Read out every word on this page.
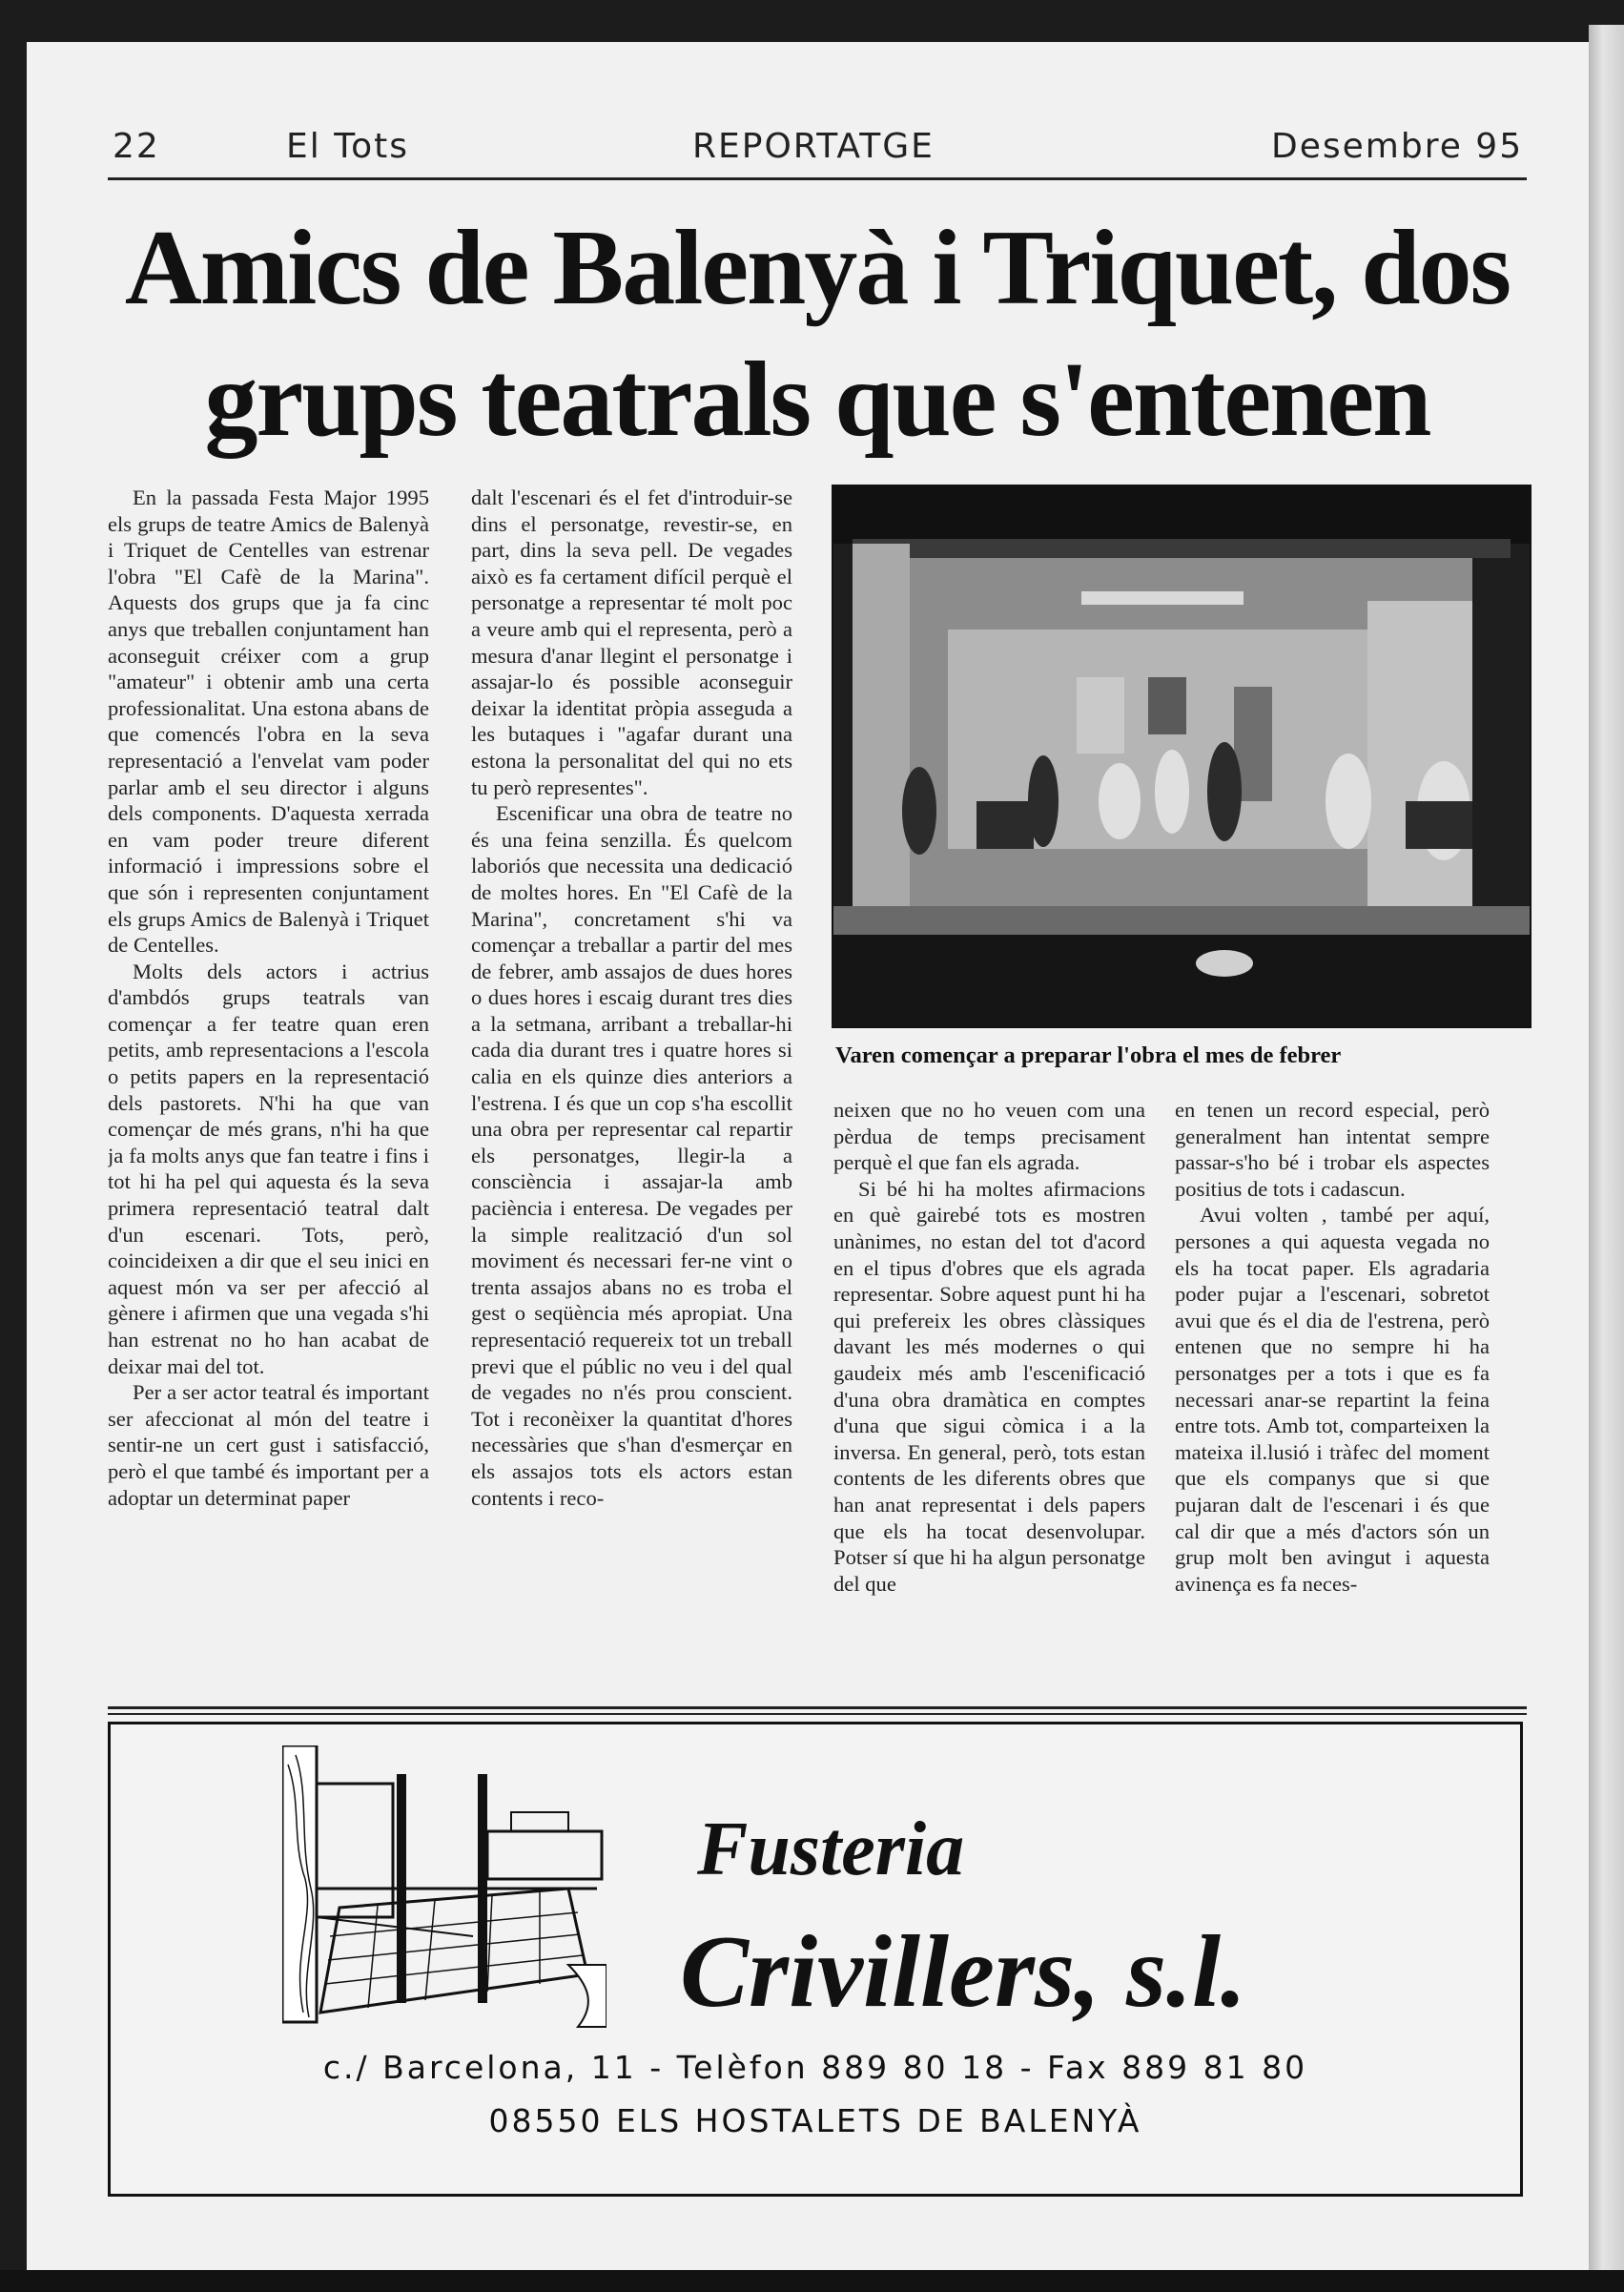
22	El Tots	REPORTATGE	Desembre 95
Amics de Balenyà i Triquet, dos
grups teatrals que s'entenen

En la passada Festa Major 1995 els grups de teatre Amics de Balenyà i Triquet de Centelles van estrenar l'obra "El Cafè de la Marina". Aquests dos grups que ja fa cinc anys que treballen conjuntament han aconseguit créixer com a grup "amateur" i obtenir amb una certa professionalitat. Una estona abans de que comencés l'obra en la seva representació a l'envelat vam poder parlar amb el seu director i alguns dels components. D'aquesta xerrada en vam poder treure diferent informació i impressions sobre el que són i representen conjuntament els grups Amics de Balenyà i Triquet de Centelles.

Molts dels actors i actrius d'ambdós grups teatrals van començar a fer teatre quan eren petits, amb representacions a l'escola o petits papers en la representació dels pastorets. N'hi ha que van començar de més grans, n'hi ha que ja fa molts anys que fan teatre i fins i tot hi ha pel qui aquesta és la seva primera representació teatral dalt d'un escenari. Tots, però, coincideixen a dir que el seu inici en aquest món va ser per afecció al gènere i afirmen que una vegada s'hi han estrenat no ho han acabat de deixar mai del tot.

Per a ser actor teatral és important ser afeccionat al món del teatre i sentir-ne un cert gust i satisfacció, però el que també és important per a adoptar un determinat paper

dalt l'escenari és el fet d'introduir-se dins el personatge, revestir-se, en part, dins la seva pell. De vegades això es fa certament difícil perquè el personatge a representar té molt poc a veure amb qui el representa, però a mesura d'anar llegint el personatge i assajar-lo és possible aconseguir deixar la identitat pròpia asseguda a les butaques i "agafar durant una estona la personalitat del qui no ets tu però representes".

Escenificar una obra de teatre no és una feina senzilla. És quelcom laboriós que necessita una dedicació de moltes hores. En "El Cafè de la Marina", concretament s'hi va començar a treballar a partir del mes de febrer, amb assajos de dues hores o dues hores i escaig durant tres dies a la setmana, arribant a treballar-hi cada dia durant tres i quatre hores si calia en els quinze dies anteriors a l'estrena. I és que un cop s'ha escollit una obra per representar cal repartir els personatges, llegir-la a consciència i assajar-la amb paciència i enteresa. De vegades per la simple realització d'un sol moviment és necessari fer-ne vint o trenta assajos abans no es troba el gest o seqüència més apropiat. Una representació requereix tot un treball previ que el públic no veu i del qual de vegades no n'és prou conscient. Tot i reconèixer la quantitat d'hores necessàries que s'han d'esmerçar en els assajos tots els actors estan contents i reco-

Varen començar a preparar l'obra el mes de febrer

neixen que no ho veuen com una pèrdua de temps precisament perquè el que fan els agrada.

Si bé hi ha moltes afirmacions en què gairebé tots es mostren unànimes, no estan del tot d'acord en el tipus d'obres que els agrada representar. Sobre aquest punt hi ha qui prefereix les obres clàssiques davant les més modernes o qui gaudeix més amb l'escenificació d'una obra dramàtica en comptes d'una que sigui còmica i a la inversa. En general, però, tots estan contents de les diferents obres que han anat representat i dels papers que els ha tocat desenvolupar. Potser sí que hi ha algun personatge del que

en tenen un record especial, però generalment han intentat sempre passar-s'ho bé i trobar els aspectes positius de tots i cadascun.

Avui volten , també per aquí, persones a qui aquesta vegada no els ha tocat paper. Els agradaria poder pujar a l'escenari, sobretot avui que és el dia de l'estrena, però entenen que no sempre hi ha personatges per a tots i que es fa necessari anar-se repartint la feina entre tots. Amb tot, comparteixen la mateixa il.lusió i tràfec del moment que els companys que si que pujaran dalt de l'escenari i és que cal dir que a més d'actors són un grup molt ben avingut i aquesta avinença es fa neces-

Fusteria
Crivillers, s.l.
c./ Barcelona, 11 - Telèfon 889 80 18 - Fax 889 81 80
08550 ELS HOSTALETS DE BALENYÀ
